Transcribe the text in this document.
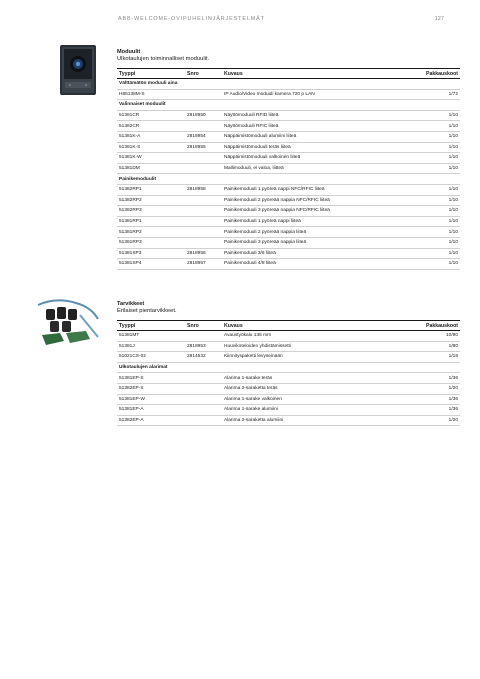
ABB-WELCOME-OVIPUHELINJÄRJESTELMÄT	127
Moduulit
Ulkotaulujen toiminnalliset moduulit.
Tyyppi	Snro	Kuvaus	Pakkauskoot
Välttämätön moduuli aina			
H85138M-S		IP Audio/Video moduuli kamera 720 p LAN	1/72
Valinnaiset moduulit			
51381CR	2818950	Näyttömoduuli RFID liiteä	1/10
51382CR		Näyttömoduuli RFIC liiteä	1/10
51381K-A	2818954	Näppäimistömoduuli alumiini liiteä	1/10
51381K-S	2818955	Näppäimistömoduuli teräs liiteä	1/10
51381K-W		Näppäimistömoduuli valkoinen liiteä	1/10
51381DM		Mallimoduuli, ei valoa, liitteä	1/10
Painikemoduulit			
51382RP1	2818958	Painikemoduuli 1 pyöreä nappi NFC/RFIC liiteä	1/10
51382RP2		Painikemoduuli 2 pyöreää nappia NFC/RFIC liiteä	1/10
51382RP3		Painikemoduuli 3 pyöreää nappia NFC/RFIC liiteä	1/10
51381RP1		Painikemoduuli 1 pyöreä nappi liiteä	1/10
51381RP2		Painikemoduuli 2 pyöreää nappia liiteä	1/10
51381RP3		Painikemoduuli 3 pyöreää nappia liiteä	1/10
51381SP3	2818956	Painikemoduuli 3/6 liiteä	1/10
51381SP4	2818957	Painikemoduuli 4/8 liiteä	1/10
Tarvikkeet
Erilaiset pientarvikkeet.
Tyyppi	Snro	Kuvaus	Pakkauskoot
51381MT		Avaustyökalu 135 mm	10/90
51381J	2818953	Huuvikoteloiden yhdistämissetti	1/80
51021CS-02	2814532	Kiinnityspaketti levyseinään	1/18
Ulkotaulujen alarimat			
51381EP-S		Alarima 1-sarake teräs	1/36
51382EP-S		Alarima 2-saraketta teräs	1/20
51381EP-W		Alarima 1-sarake valkoinen	1/36
51381EP-A		Alarima 1-sarake alumiini	1/36
51382EP-A		Alarima 2-saraketta alumiini	1/20
